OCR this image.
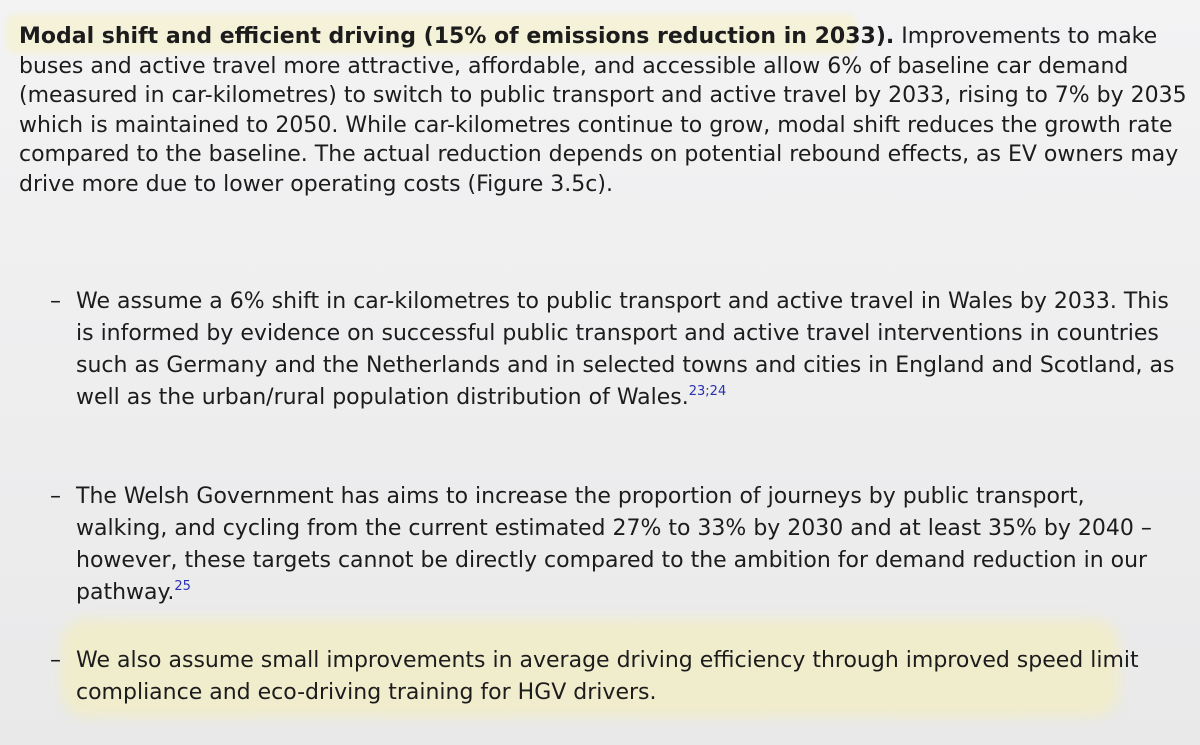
Modal shift and efficient driving (15% of emissions reduction in 2033). Improvements to make buses and active travel more attractive, affordable, and accessible allow 6% of baseline car demand (measured in car-kilometres) to switch to public transport and active travel by 2033, rising to 7% by 2035 which is maintained to 2050. While car-kilometres continue to grow, modal shift reduces the growth rate compared to the baseline. The actual reduction depends on potential rebound effects, as EV owners may drive more due to lower operating costs (Figure 3.5c).

– We assume a 6% shift in car-kilometres to public transport and active travel in Wales by 2033. This is informed by evidence on successful public transport and active travel interventions in countries such as Germany and the Netherlands and in selected towns and cities in England and Scotland, as well as the urban/rural population distribution of Wales.$^{23;24}$
– The Welsh Government has aims to increase the proportion of journeys by public transport, walking, and cycling from the current estimated 27% to 33% by 2030 and at least 35% by 2040 – however, these targets cannot be directly compared to the ambition for demand reduction in our pathway.$^{25}$
– We also assume small improvements in average driving efficiency through improved speed limit compliance and eco-driving training for HGV drivers.
